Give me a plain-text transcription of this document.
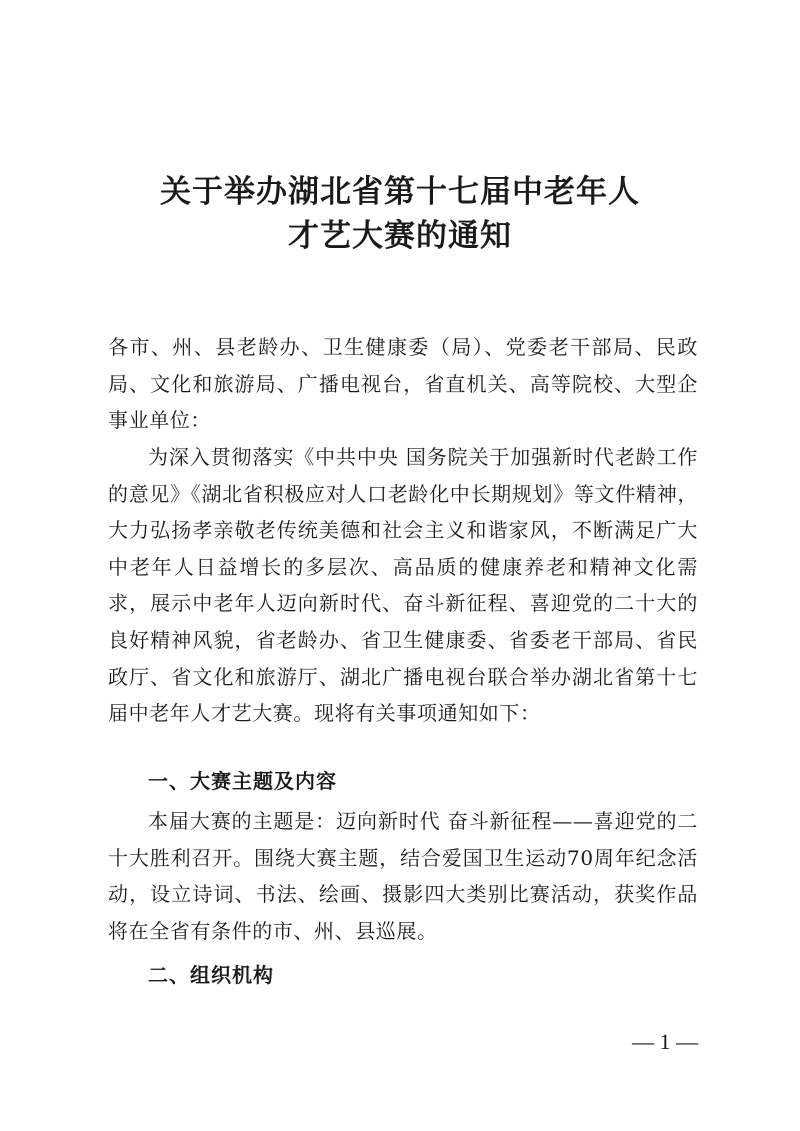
关于举办湖北省第十七届中老年人
才艺大赛的通知
各市、州、县老龄办、卫生健康委（局）、党委老干部局、民政局、文化和旅游局、广播电视台，省直机关、高等院校、大型企事业单位：
为深入贯彻落实《中共中央 国务院关于加强新时代老龄工作的意见》《湖北省积极应对人口老龄化中长期规划》等文件精神，大力弘扬孝亲敬老传统美德和社会主义和谐家风，不断满足广大中老年人日益增长的多层次、高品质的健康养老和精神文化需求，展示中老年人迈向新时代、奋斗新征程、喜迎党的二十大的良好精神风貌，省老龄办、省卫生健康委、省委老干部局、省民政厅、省文化和旅游厅、湖北广播电视台联合举办湖北省第十七届中老年人才艺大赛。现将有关事项通知如下：
一、大赛主题及内容
本届大赛的主题是：迈向新时代 奋斗新征程——喜迎党的二十大胜利召开。围绕大赛主题，结合爱国卫生运动70周年纪念活动，设立诗词、书法、绘画、摄影四大类别比赛活动，获奖作品将在全省有条件的市、州、县巡展。
二、组织机构
— 1 —
